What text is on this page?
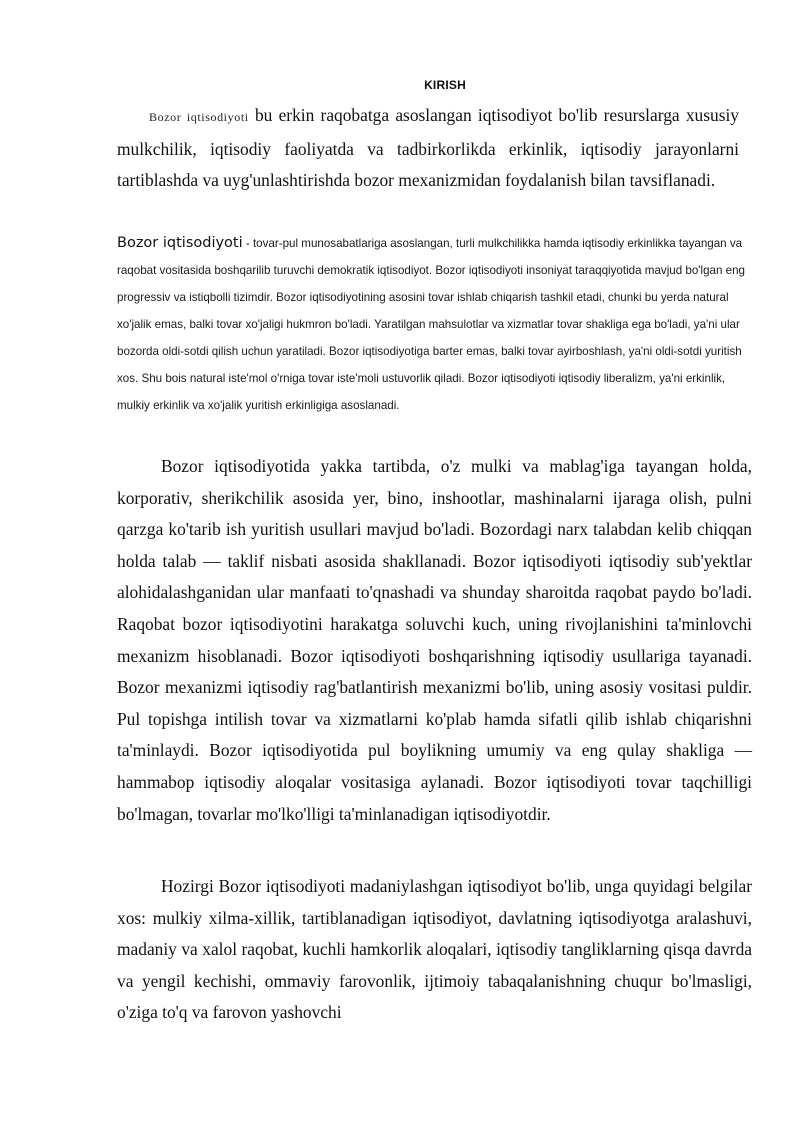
KIRISH

Bozor iqtisodiyoti bu erkin raqobatga asoslangan iqtisodiyot bo'lib resurslarga xususiy mulkchilik, iqtisodiy faoliyatda va tadbirkorlikda erkinlik, iqtisodiy jarayonlarni tartiblashda va uyg'unlashtirishda bozor mexanizmidan foydalanish bilan tavsiflanadi.

Bozor iqtisodiyoti - tovar-pul munosabatlariga asoslangan, turli mulkchilikka hamda iqtisodiy erkinlikka tayangan va raqobat vositasida boshqarilib turuvchi demokratik iqtisodiyot. Bozor iqtisodiyoti insoniyat taraqqiyotida mavjud bo'lgan eng progressiv va istiqbolli tizimdir. Bozor iqtisodiyotining asosini tovar ishlab chiqarish tashkil etadi, chunki bu yerda natural xo'jalik emas, balki tovar xo'jaligi hukmron bo'ladi. Yaratilgan mahsulotlar va xizmatlar tovar shakliga ega bo'ladi, ya'ni ular bozorda oldi-sotdi qilish uchun yaratiladi. Bozor iqtisodiyotiga barter emas, balki tovar ayirboshlash, ya'ni oldi-sotdi yuritish xos. Shu bois natural iste'mol o'rniga tovar iste'moli ustuvorlik qiladi. Bozor iqtisodiyoti iqtisodiy liberalizm, ya'ni erkinlik, mulkiy erkinlik va xo'jalik yuritish erkinligiga asoslanadi.

Bozor iqtisodiyotida yakka tartibda, o'z mulki va mablag'iga tayangan holda, korporativ, sherikchilik asosida yer, bino, inshootlar, mashinalarni ijaraga olish, pulni qarzga ko'tarib ish yuritish usullari mavjud bo'ladi. Bozordagi narx talabdan kelib chiqqan holda talab — taklif nisbati asosida shakllanadi. Bozor iqtisodiyoti iqtisodiy sub'yektlar alohidalashganidan ular manfaati to'qnashadi va shunday sharoitda raqobat paydo bo'ladi. Raqobat bozor iqtisodiyotini harakatga soluvchi kuch, uning rivojlanishini ta'minlovchi mexanizm hisoblanadi. Bozor iqtisodiyoti boshqarishning iqtisodiy usullariga tayanadi. Bozor mexanizmi iqtisodiy rag'batlantirish mexanizmi bo'lib, uning asosiy vositasi puldir. Pul topishga intilish tovar va xizmatlarni ko'plab hamda sifatli qilib ishlab chiqarishni ta'minlaydi. Bozor iqtisodiyotida pul boylikning umumiy va eng qulay shakliga — hammabop iqtisodiy aloqalar vositasiga aylanadi. Bozor iqtisodiyoti tovar taqchilligi bo'lmagan, tovarlar mo'lko'lligi ta'minlanadigan iqtisodiyotdir.

Hozirgi Bozor iqtisodiyoti madaniylashgan iqtisodiyot bo'lib, unga quyidagi belgilar xos: mulkiy xilma-xillik, tartiblanadigan iqtisodiyot, davlatning iqtisodiyotga aralashuvi, madaniy va xalol raqobat, kuchli hamkorlik aloqalari, iqtisodiy tangliklarning qisqa davrda va yengil kechishi, ommaviy farovonlik, ijtimoiy tabaqalanishning chuqur bo'lmasligi, o'ziga to'q va farovon yashovchi
